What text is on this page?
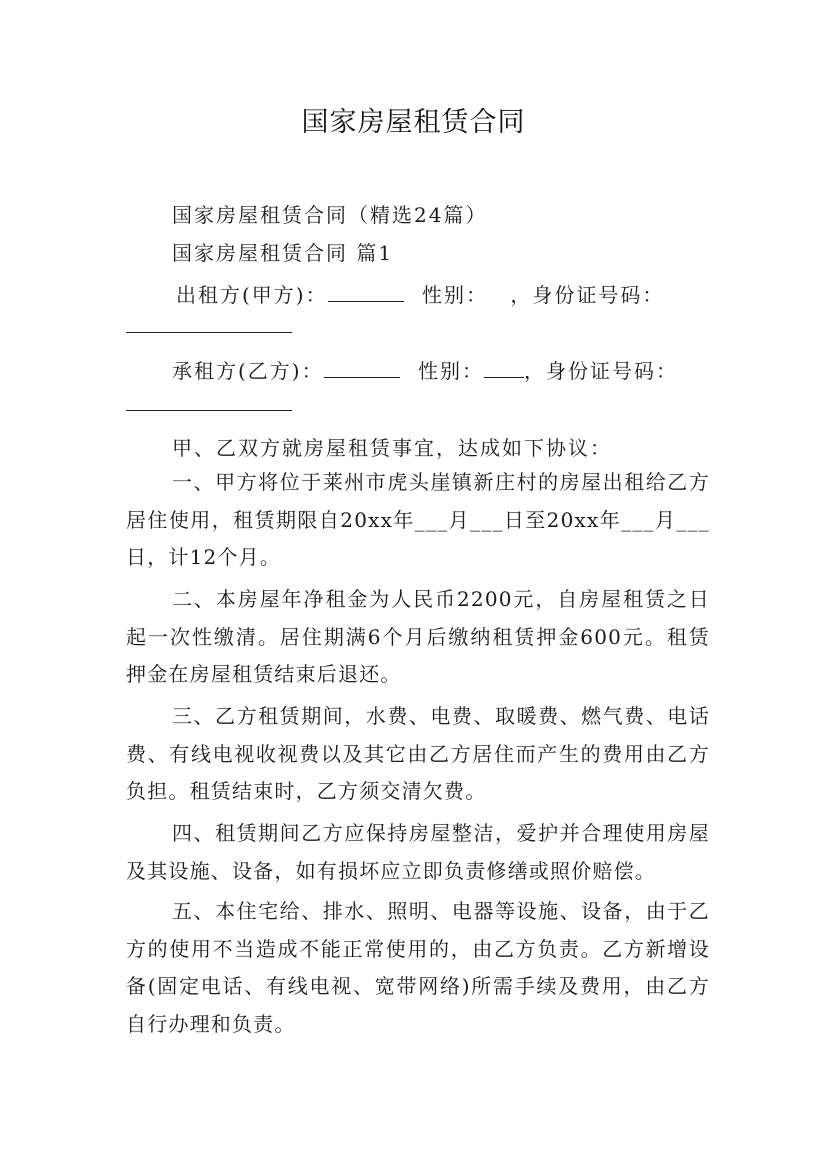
国家房屋租赁合同
国家房屋租赁合同（精选24篇）
国家房屋租赁合同 篇1
出租方(甲方)：	性别： ，身份证号码：
承租方(乙方)：	性别： ，身份证号码：
甲、乙双方就房屋租赁事宜，达成如下协议：
一、甲方将位于莱州市虎头崖镇新庄村的房屋出租给乙方居住使用，租赁期限自20xx年___月___日至20xx年___月___日，计12个月。
二、本房屋年净租金为人民币2200元，自房屋租赁之日起一次性缴清。居住期满6个月后缴纳租赁押金600元。租赁押金在房屋租赁结束后退还。
三、乙方租赁期间，水费、电费、取暖费、燃气费、电话费、有线电视收视费以及其它由乙方居住而产生的费用由乙方负担。租赁结束时，乙方须交清欠费。
四、租赁期间乙方应保持房屋整洁，爱护并合理使用房屋及其设施、设备，如有损坏应立即负责修缮或照价赔偿。
五、本住宅给、排水、照明、电器等设施、设备，由于乙方的使用不当造成不能正常使用的，由乙方负责。乙方新增设备(固定电话、有线电视、宽带网络)所需手续及费用，由乙方自行办理和负责。
